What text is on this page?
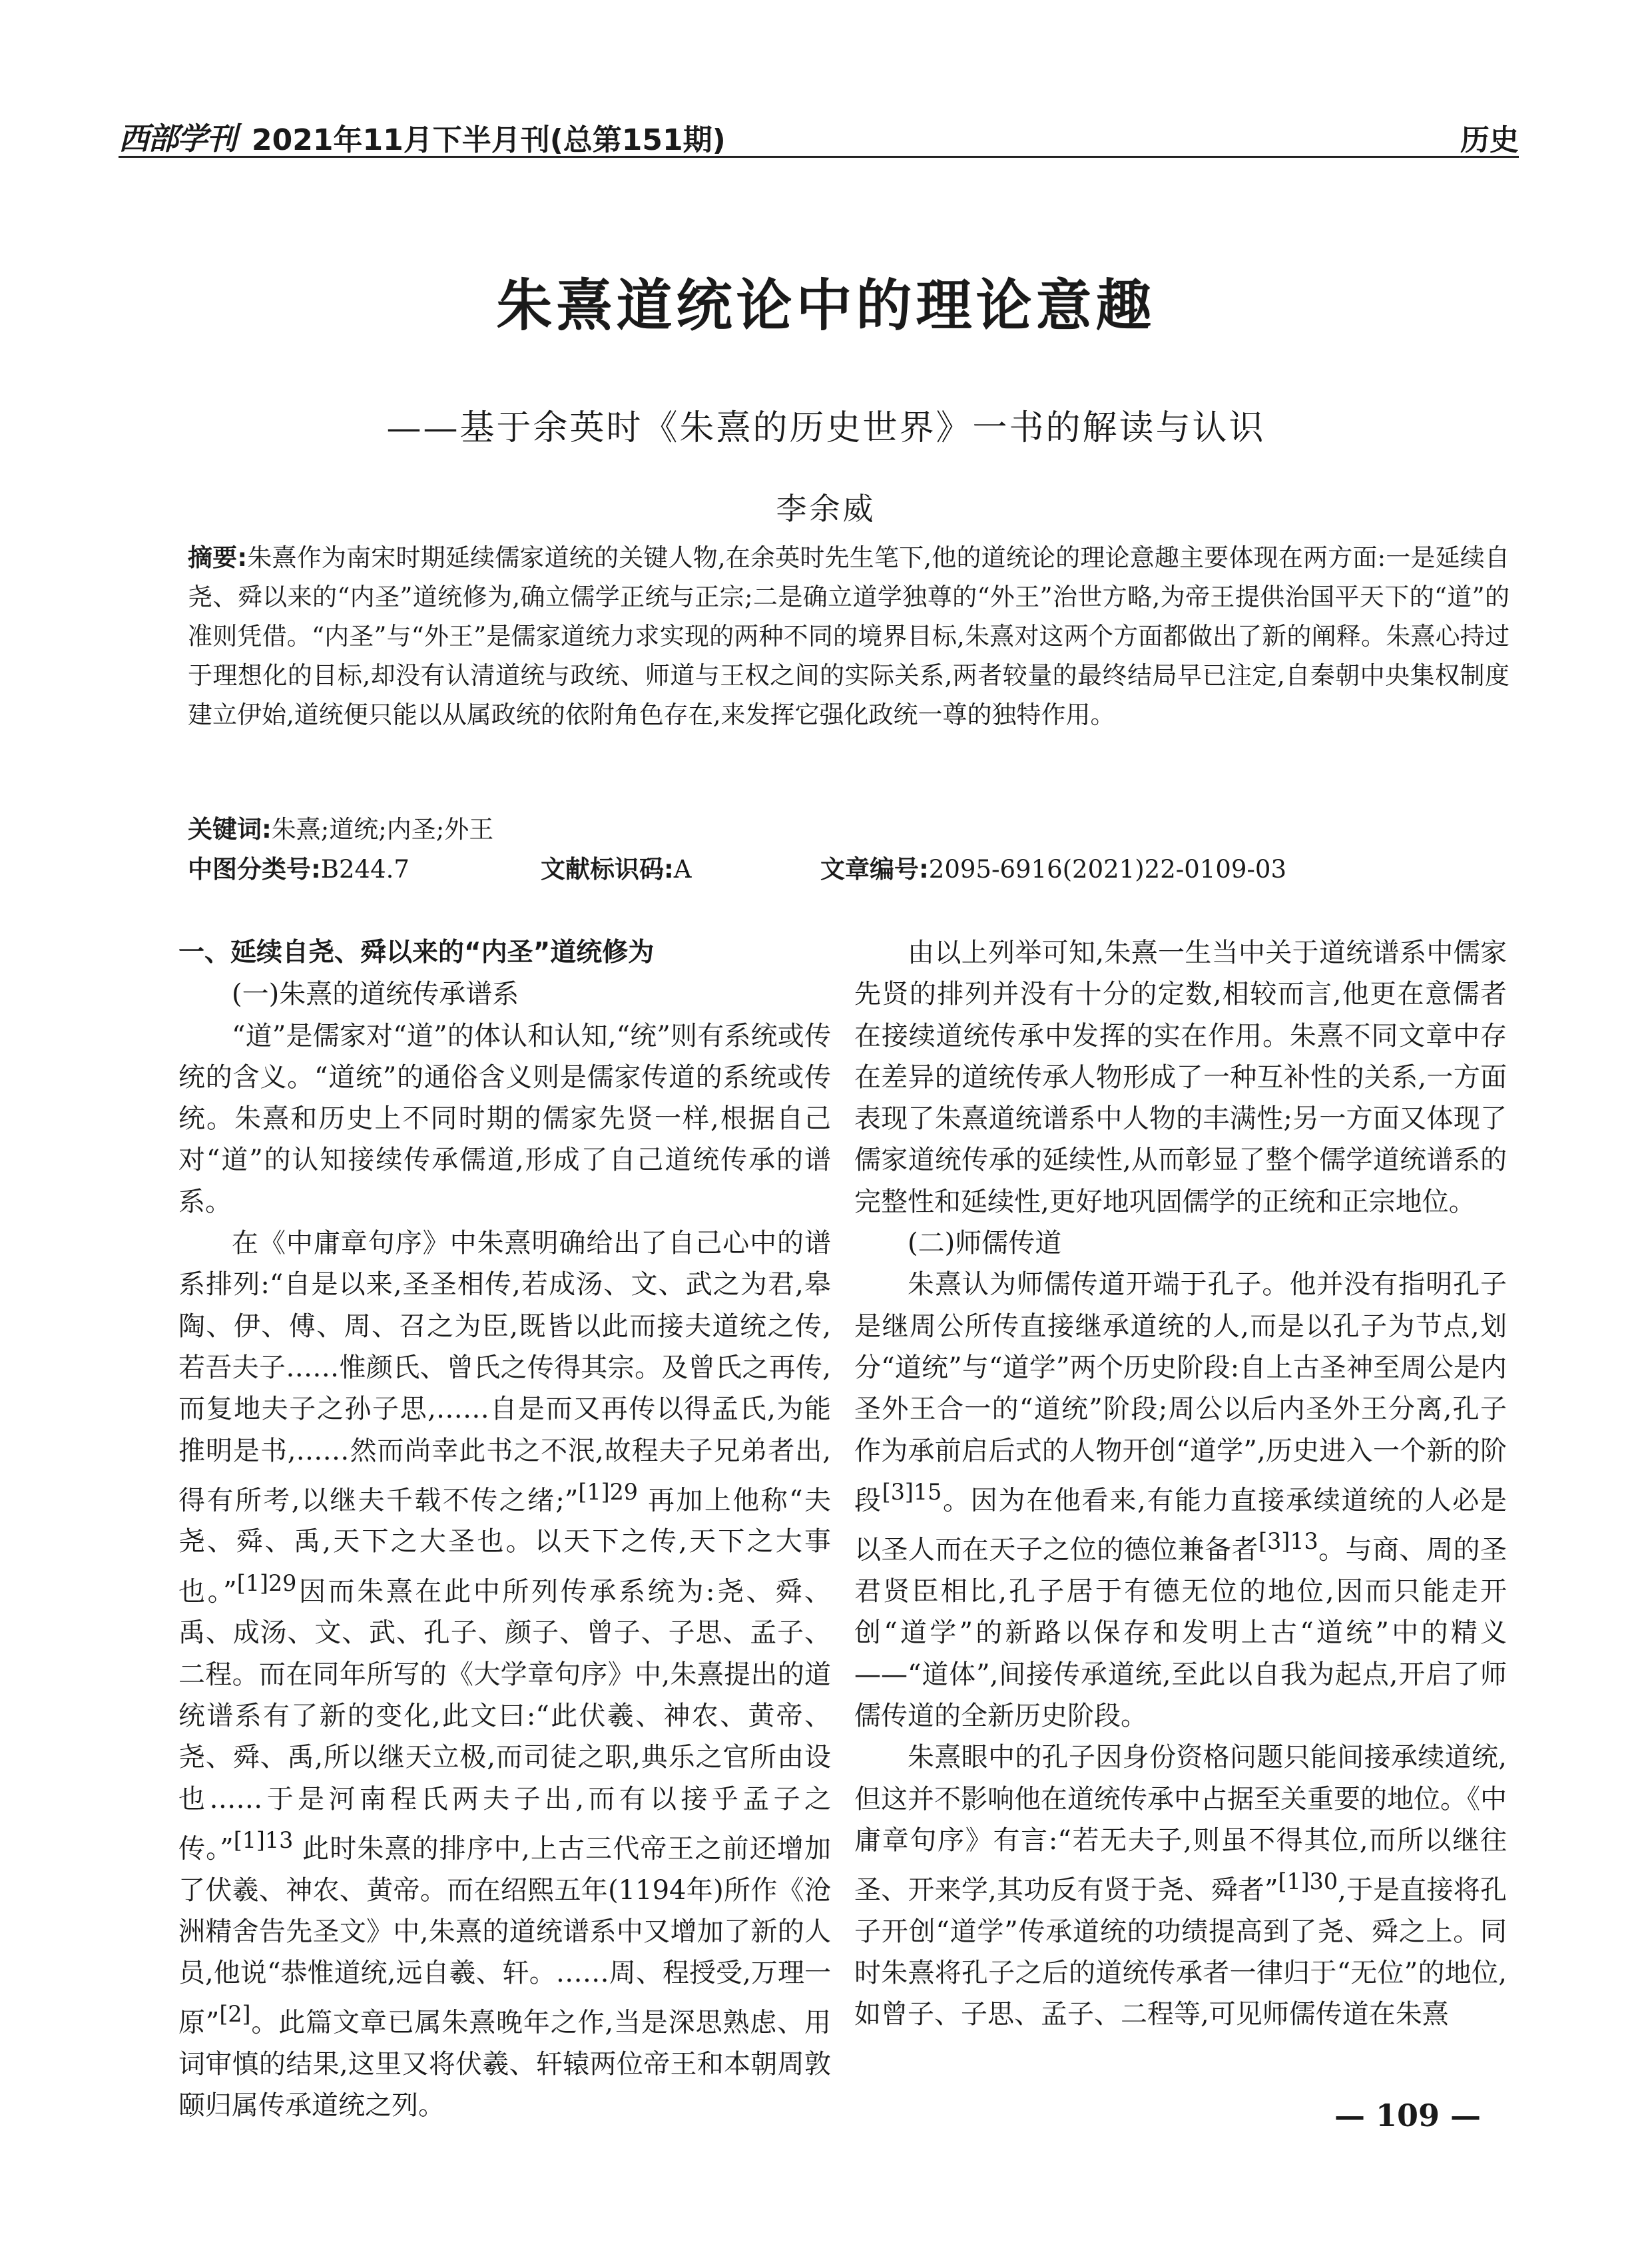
西部学刊 2021年11月下半月刊(总第151期)	历史
朱熹道统论中的理论意趣
——基于余英时《朱熹的历史世界》一书的解读与认识
李余威
摘要:朱熹作为南宋时期延续儒家道统的关键人物,在余英时先生笔下,他的道统论的理论意趣主要体现在两方面:一是延续自尧、舜以来的“内圣”道统修为,确立儒学正统与正宗;二是确立道学独尊的“外王”治世方略,为帝王提供治国平天下的“道”的准则凭借。“内圣”与“外王”是儒家道统力求实现的两种不同的境界目标,朱熹对这两个方面都做出了新的阐释。朱熹心持过于理想化的目标,却没有认清道统与政统、师道与王权之间的实际关系,两者较量的最终结局早已注定,自秦朝中央集权制度建立伊始,道统便只能以从属政统的依附角色存在,来发挥它强化政统一尊的独特作用。
关键词:朱熹;道统;内圣;外王
中图分类号:B244.7	文献标识码:A	文章编号:2095-6916(2021)22-0109-03

一、延续自尧、舜以来的“内圣”道统修为

(一)朱熹的道统传承谱系

“道”是儒家对“道”的体认和认知,“统”则有系统或传统的含义。“道统”的通俗含义则是儒家传道的系统或传统。朱熹和历史上不同时期的儒家先贤一样,根据自己对“道”的认知接续传承儒道,形成了自己道统传承的谱系。

在《中庸章句序》中朱熹明确给出了自己心中的谱系排列:“自是以来,圣圣相传,若成汤、文、武之为君,皋陶、伊、傅、周、召之为臣,既皆以此而接夫道统之传,若吾夫子……惟颜氏、曾氏之传得其宗。及曾氏之再传,而复地夫子之孙子思,……自是而又再传以得孟氏,为能推明是书,……然而尚幸此书之不泯,故程夫子兄弟者出,得有所考,以继夫千载不传之绪;”$^{[1]29}$ 再加上他称“夫尧、舜、禹,天下之大圣也。以天下之传,天下之大事也。”$^{[1]29}$因而朱熹在此中所列传承系统为:尧、舜、禹、成汤、文、武、孔子、颜子、曾子、子思、孟子、二程。而在同年所写的《大学章句序》中,朱熹提出的道统谱系有了新的变化,此文曰:“此伏羲、神农、黄帝、尧、舜、禹,所以继天立极,而司徒之职,典乐之官所由设也……于是河南程氏两夫子出,而有以接乎孟子之传。”$^{[1]13}$ 此时朱熹的排序中,上古三代帝王之前还增加了伏羲、神农、黄帝。而在绍熙五年(1194年)所作《沧洲精舍告先圣文》中,朱熹的道统谱系中又增加了新的人员,他说“恭惟道统,远自羲、轩。……周、程授受,万理一原”[2]。此篇文章已属朱熹晚年之作,当是深思熟虑、用词审慎的结果,这里又将伏羲、轩辕两位帝王和本朝周敦颐归属传承道统之列。

由以上列举可知,朱熹一生当中关于道统谱系中儒家先贤的排列并没有十分的定数,相较而言,他更在意儒者在接续道统传承中发挥的实在作用。朱熹不同文章中存在差异的道统传承人物形成了一种互补性的关系,一方面表现了朱熹道统谱系中人物的丰满性;另一方面又体现了儒家道统传承的延续性,从而彰显了整个儒学道统谱系的完整性和延续性,更好地巩固儒学的正统和正宗地位。

(二)师儒传道

朱熹认为师儒传道开端于孔子。他并没有指明孔子是继周公所传直接继承道统的人,而是以孔子为节点,划分“道统”与“道学”两个历史阶段:自上古圣神至周公是内圣外王合一的“道统”阶段;周公以后内圣外王分离,孔子作为承前启后式的人物开创“道学”,历史进入一个新的阶段$^{[3]15}$。因为在他看来,有能力直接承续道统的人必是以圣人而在天子之位的德位兼备者$^{[3]13}$。与商、周的圣君贤臣相比,孔子居于有德无位的地位,因而只能走开创“道学”的新路以保存和发明上古“道统”中的精义——“道体”,间接传承道统,至此以自我为起点,开启了师儒传道的全新历史阶段。

朱熹眼中的孔子因身份资格问题只能间接承续道统,但这并不影响他在道统传承中占据至关重要的地位。《中庸章句序》有言:“若无夫子,则虽不得其位,而所以继往圣、开来学,其功反有贤于尧、舜者”$^{[1]30}$,于是直接将孔子开创“道学”传承道统的功绩提高到了尧、舜之上。同时朱熹将孔子之后的道统传承者一律归于“无位”的地位,如曾子、子思、孟子、二程等,可见师儒传道在朱熹

— 109 —
